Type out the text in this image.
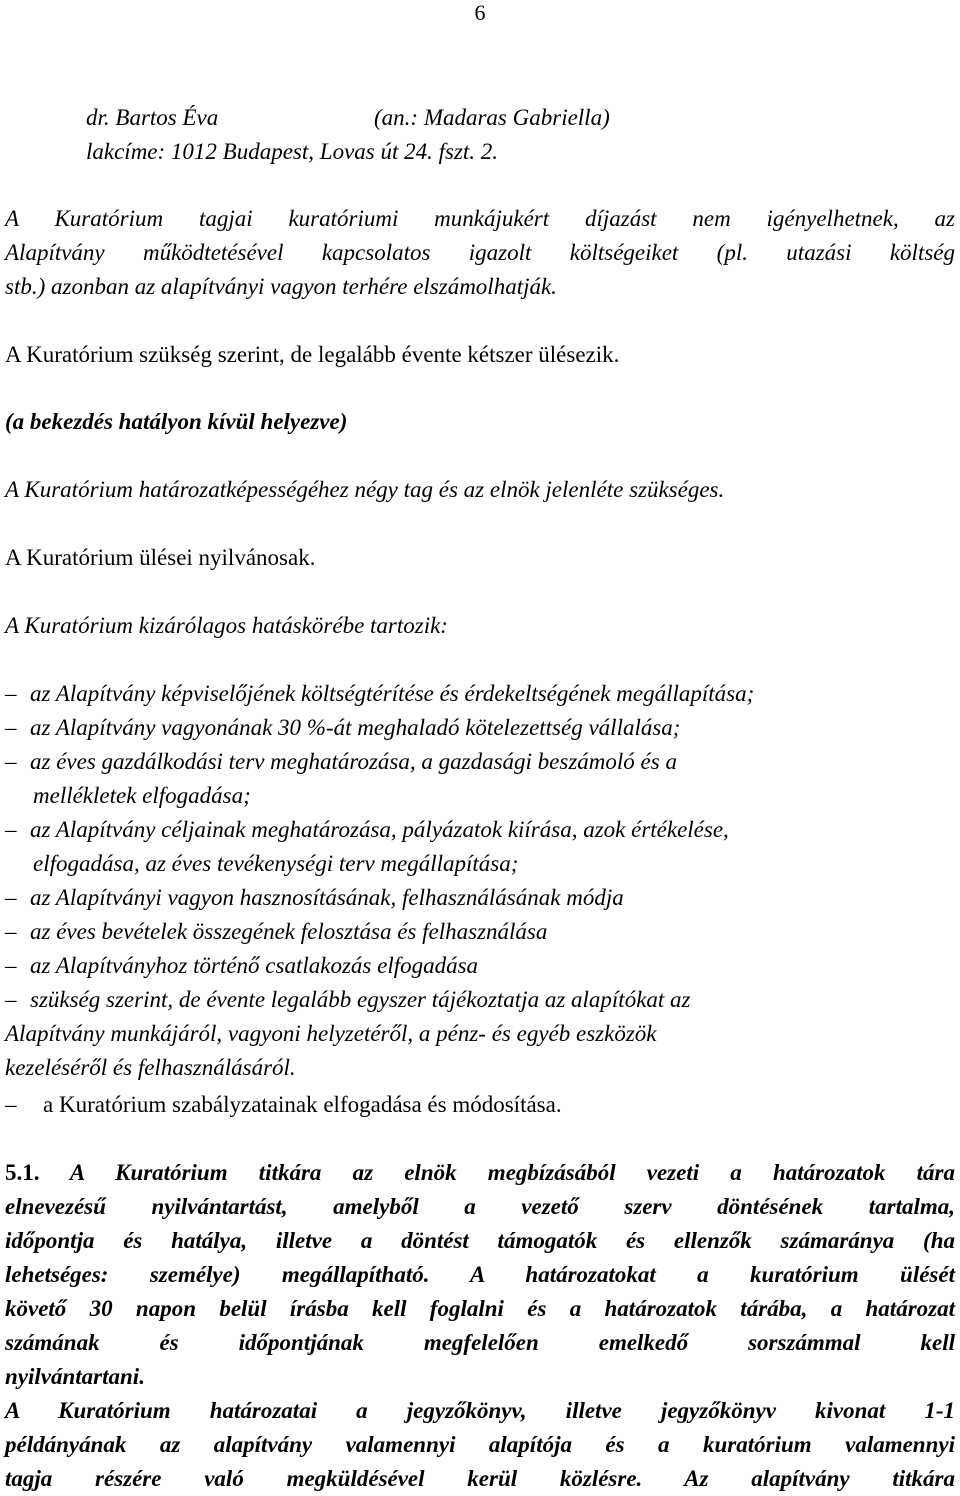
6
dr. Bartos Éva	(an.: Madaras Gabriella)
lakcíme: 1012 Budapest, Lovas út 24. fszt. 2.
A Kuratórium tagjai kuratóriumi munkájukért díjazást nem igényelhetnek, az
Alapítvány működtetésével kapcsolatos igazolt költségeiket (pl. utazási költség
stb.) azonban az alapítványi vagyon terhére elszámolhatják.
A Kuratórium szükség szerint, de legalább évente kétszer ülésezik.
(a bekezdés hatályon kívül helyezve)
A Kuratórium határozatképességéhez négy tag és az elnök jelenléte szükséges.
A Kuratórium ülései nyilvánosak.
A Kuratórium kizárólagos hatáskörébe tartozik:
– az Alapítvány képviselőjének költségtérítése és érdekeltségének megállapítása;
– az Alapítvány vagyonának 30 %-át meghaladó kötelezettség vállalása;
– az éves gazdálkodási terv meghatározása, a gazdasági beszámoló és a
mellékletek elfogadása;
– az Alapítvány céljainak meghatározása, pályázatok kiírása, azok értékelése,
elfogadása, az éves tevékenységi terv megállapítása;
– az Alapítványi vagyon hasznosításának, felhasználásának módja
– az éves bevételek összegének felosztása és felhasználása
– az Alapítványhoz történő csatlakozás elfogadása
– szükség szerint, de évente legalább egyszer tájékoztatja az alapítókat az
Alapítvány munkájáról, vagyoni helyzetéről, a pénz- és egyéb eszközök
kezeléséről és felhasználásáról.
– a Kuratórium szabályzatainak elfogadása és módosítása.
5.1. A Kuratórium titkára az elnök megbízásából vezeti a határozatok tára
elnevezésű nyilvántartást, amelyből a vezető szerv döntésének tartalma,
időpontja és hatálya, illetve a döntést támogatók és ellenzők számaránya (ha
lehetséges: személye) megállapítható. A határozatokat a kuratórium ülését
követő 30 napon belül írásba kell foglalni és a határozatok tárába, a határozat
számának és időpontjának megfelelően emelkedő sorszámmal kell
nyilvántartani.
A Kuratórium határozatai a jegyzőkönyv, illetve jegyzőkönyv kivonat 1-1
példányának az alapítvány valamennyi alapítója és a kuratórium valamennyi
tagja részére való megküldésével kerül közlésre. Az alapítvány titkára
